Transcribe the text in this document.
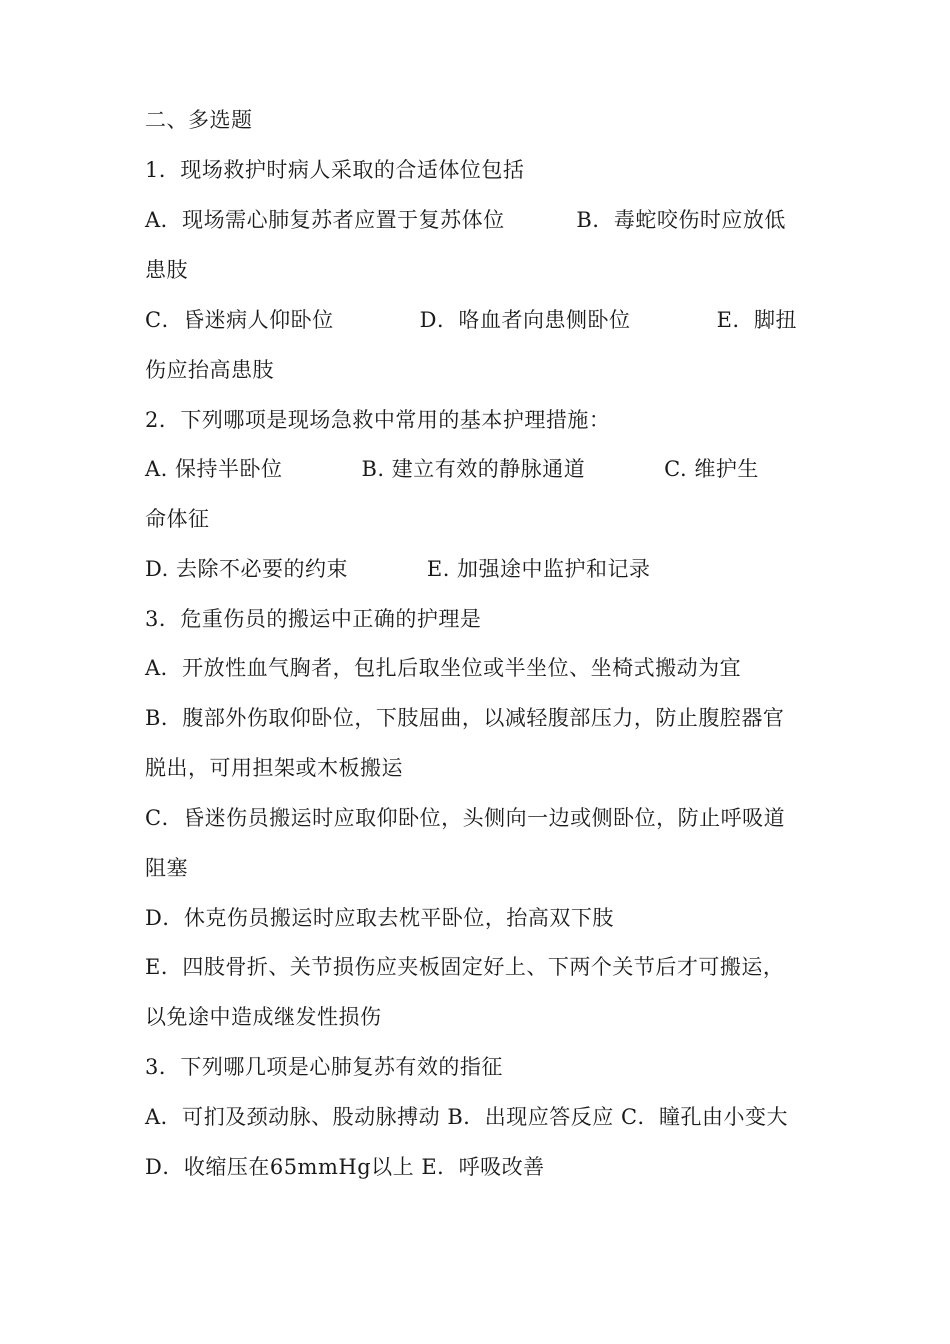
二、多选题
1．现场救护时病人采取的合适体位包括
A．现场需心肺复苏者应置于复苏体位          B．毒蛇咬伤时应放低
患肢
C．昏迷病人仰卧位            D．咯血者向患侧卧位            E．脚扭
伤应抬高患肢
2．下列哪项是现场急救中常用的基本护理措施：
A. 保持半卧位           B. 建立有效的静脉通道           C. 维护生
命体征
D. 去除不必要的约束           E. 加强途中监护和记录
3．危重伤员的搬运中正确的护理是
A．开放性血气胸者，包扎后取坐位或半坐位、坐椅式搬动为宜
B．腹部外伤取仰卧位，下肢屈曲，以减轻腹部压力，防止腹腔器官
脱出，可用担架或木板搬运
C．昏迷伤员搬运时应取仰卧位，头侧向一边或侧卧位，防止呼吸道
阻塞
D．休克伤员搬运时应取去枕平卧位，抬高双下肢
E．四肢骨折、关节损伤应夹板固定好上、下两个关节后才可搬运，
以免途中造成继发性损伤
3．下列哪几项是心肺复苏有效的指征
A．可扪及颈动脉、股动脉搏动 B．出现应答反应 C．瞳孔由小变大
D．收缩压在65mmHg以上 E．呼吸改善
